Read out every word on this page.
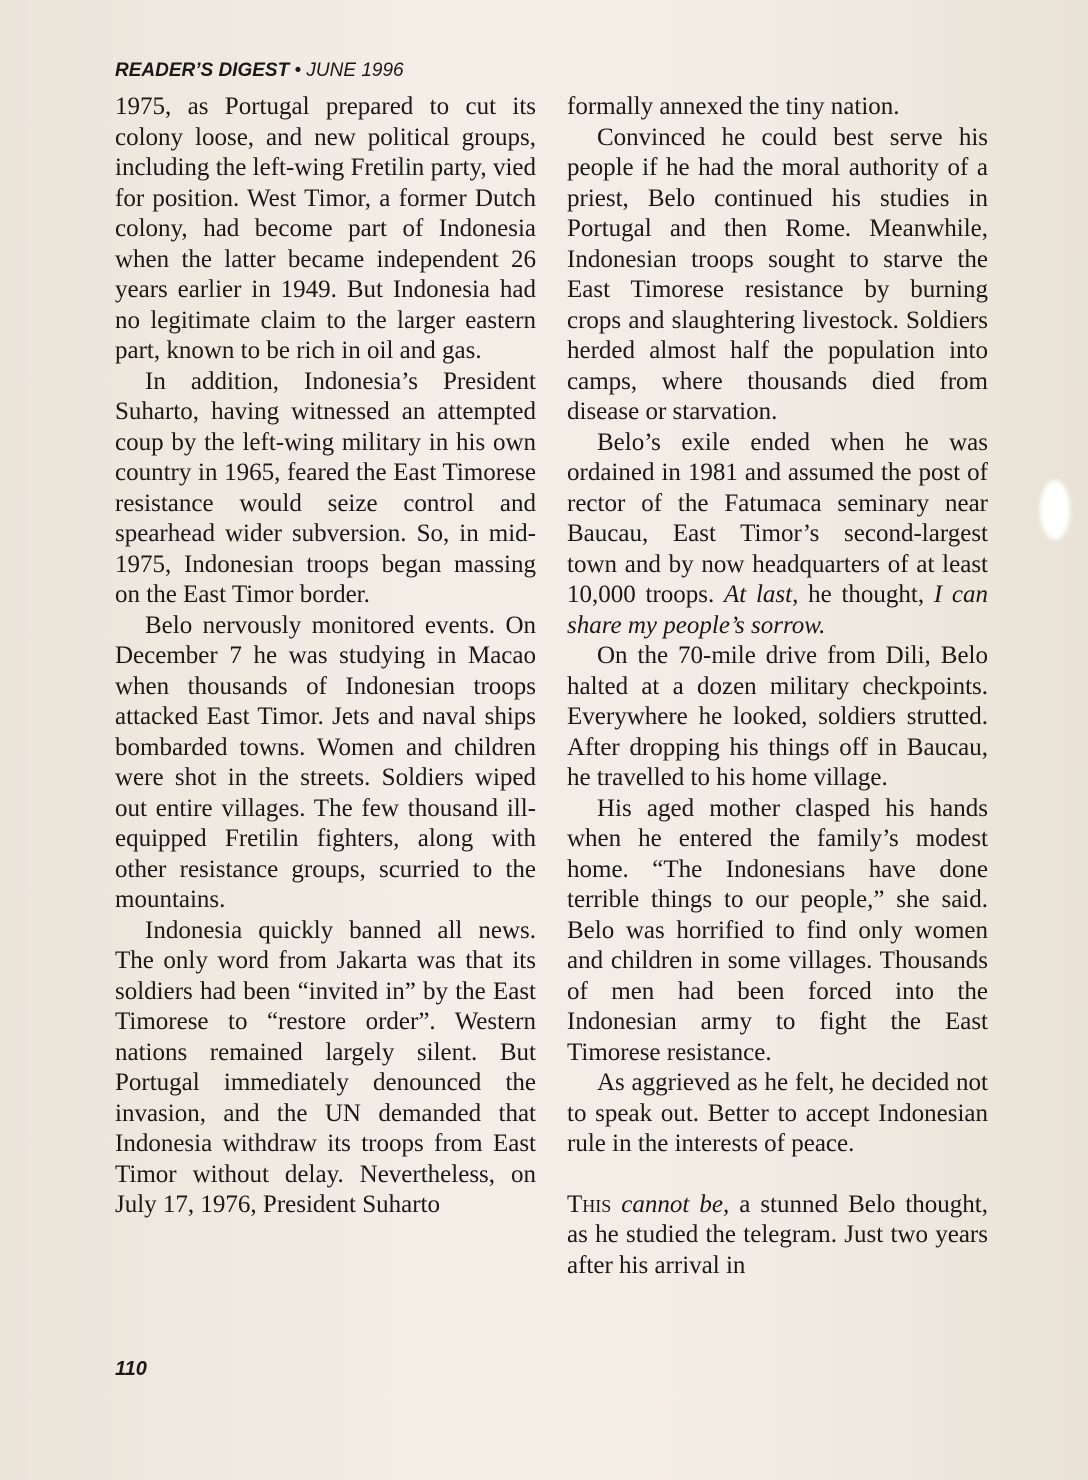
READER’S DIGEST • JUNE 1996

1975, as Portugal prepared to cut its colony loose, and new political groups, including the left-wing Fretilin party, vied for position. West Timor, a former Dutch colony, had become part of Indonesia when the latter became independent 26 years earlier in 1949. But Indonesia had no legitimate claim to the larger eastern part, known to be rich in oil and gas.

In addition, Indonesia’s President Suharto, having witnessed an attempted coup by the left-wing military in his own country in 1965, feared the East Timorese resistance would seize control and spearhead wider subversion. So, in mid-1975, Indonesian troops began massing on the East Timor border.

Belo nervously monitored events. On December 7 he was studying in Macao when thousands of Indonesian troops attacked East Timor. Jets and naval ships bombarded towns. Women and children were shot in the streets. Soldiers wiped out entire villages. The few thousand ill-equipped Fretilin fighters, along with other resistance groups, scurried to the mountains.

Indonesia quickly banned all news. The only word from Jakarta was that its soldiers had been “invited in” by the East Timorese to “restore order”. Western nations remained largely silent. But Portugal immediately denounced the invasion, and the UN demanded that Indonesia withdraw its troops from East Timor without delay. Nevertheless, on July 17, 1976, President Suharto

formally annexed the tiny nation.

Convinced he could best serve his people if he had the moral authority of a priest, Belo continued his studies in Portugal and then Rome. Meanwhile, Indonesian troops sought to starve the East Timorese resistance by burning crops and slaughtering livestock. Soldiers herded almost half the population into camps, where thousands died from disease or starvation.

Belo’s exile ended when he was ordained in 1981 and assumed the post of rector of the Fatumaca seminary near Baucau, East Timor’s second-largest town and by now headquarters of at least 10,000 troops. At last, he thought, I can share my people’s sorrow.

On the 70-mile drive from Dili, Belo halted at a dozen military checkpoints. Everywhere he looked, soldiers strutted. After dropping his things off in Baucau, he travelled to his home village.

His aged mother clasped his hands when he entered the family’s modest home. “The Indonesians have done terrible things to our people,” she said. Belo was horrified to find only women and children in some villages. Thousands of men had been forced into the Indonesian army to fight the East Timorese resistance.

As aggrieved as he felt, he decided not to speak out. Better to accept Indonesian rule in the interests of peace.

This cannot be, a stunned Belo thought, as he studied the telegram. Just two years after his arrival in

110
